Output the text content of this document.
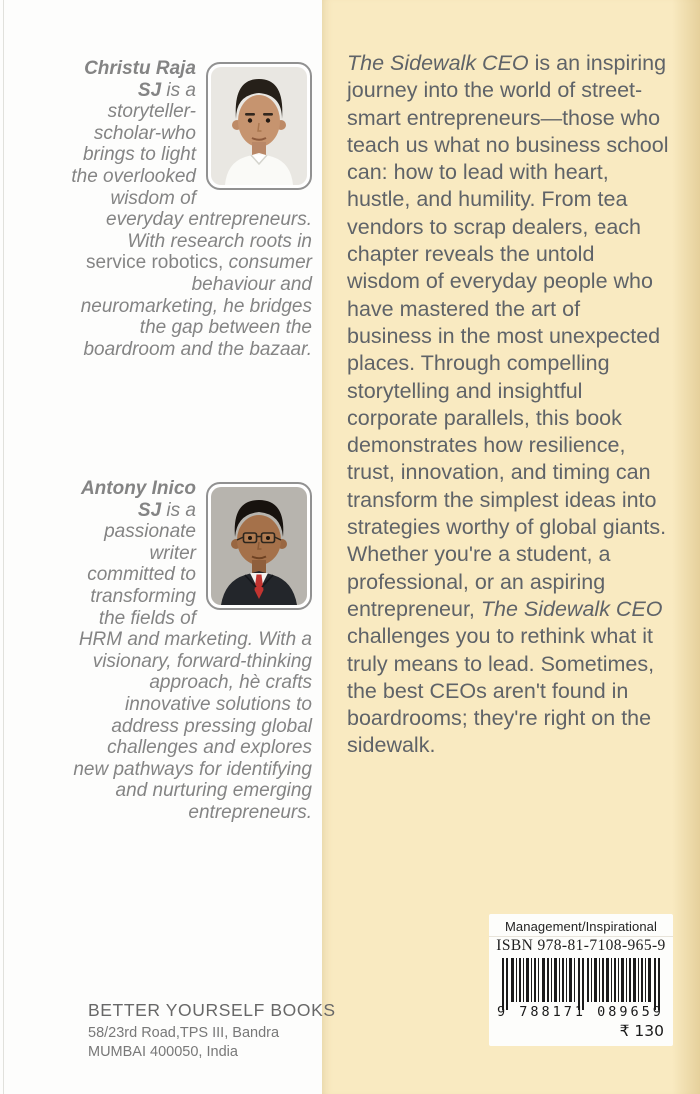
The Sidewalk CEO is an inspiring journey into the world of street-smart entrepreneurs—those who teach us what no business school can: how to lead with heart, hustle, and humility. From tea vendors to scrap dealers, each chapter reveals the untold wisdom of everyday people who have mastered the art of business in the most unexpected places. Through compelling storytelling and insightful corporate parallels, this book demonstrates how resilience, trust, innovation, and timing can transform the simplest ideas into strategies worthy of global giants. Whether you're a student, a professional, or an aspiring entrepreneur, The Sidewalk CEO challenges you to rethink what it truly means to lead. Sometimes, the best CEOs aren't found in boardrooms; they're right on the sidewalk.

Christu Raja SJ is a storyteller-scholar-who brings to light the overlooked wisdom of everyday entrepreneurs. With research roots in service robotics, consumer behaviour and neuromarketing, he bridges the gap between the boardroom and the bazaar.
Antony Inico SJ is a passionate writer committed to transforming the fields of HRM and marketing. With a visionary, forward-thinking approach, hè crafts innovative solutions to address pressing global challenges and explores new pathways for identifying and nurturing emerging entrepreneurs.
BETTER YOURSELF BOOKS
58/23rd Road,TPS III, Bandra
MUMBAI 400050, India
Management/Inspirational
ISBN 978-81-7108-965-9
9 788171 089659
₹ 130
